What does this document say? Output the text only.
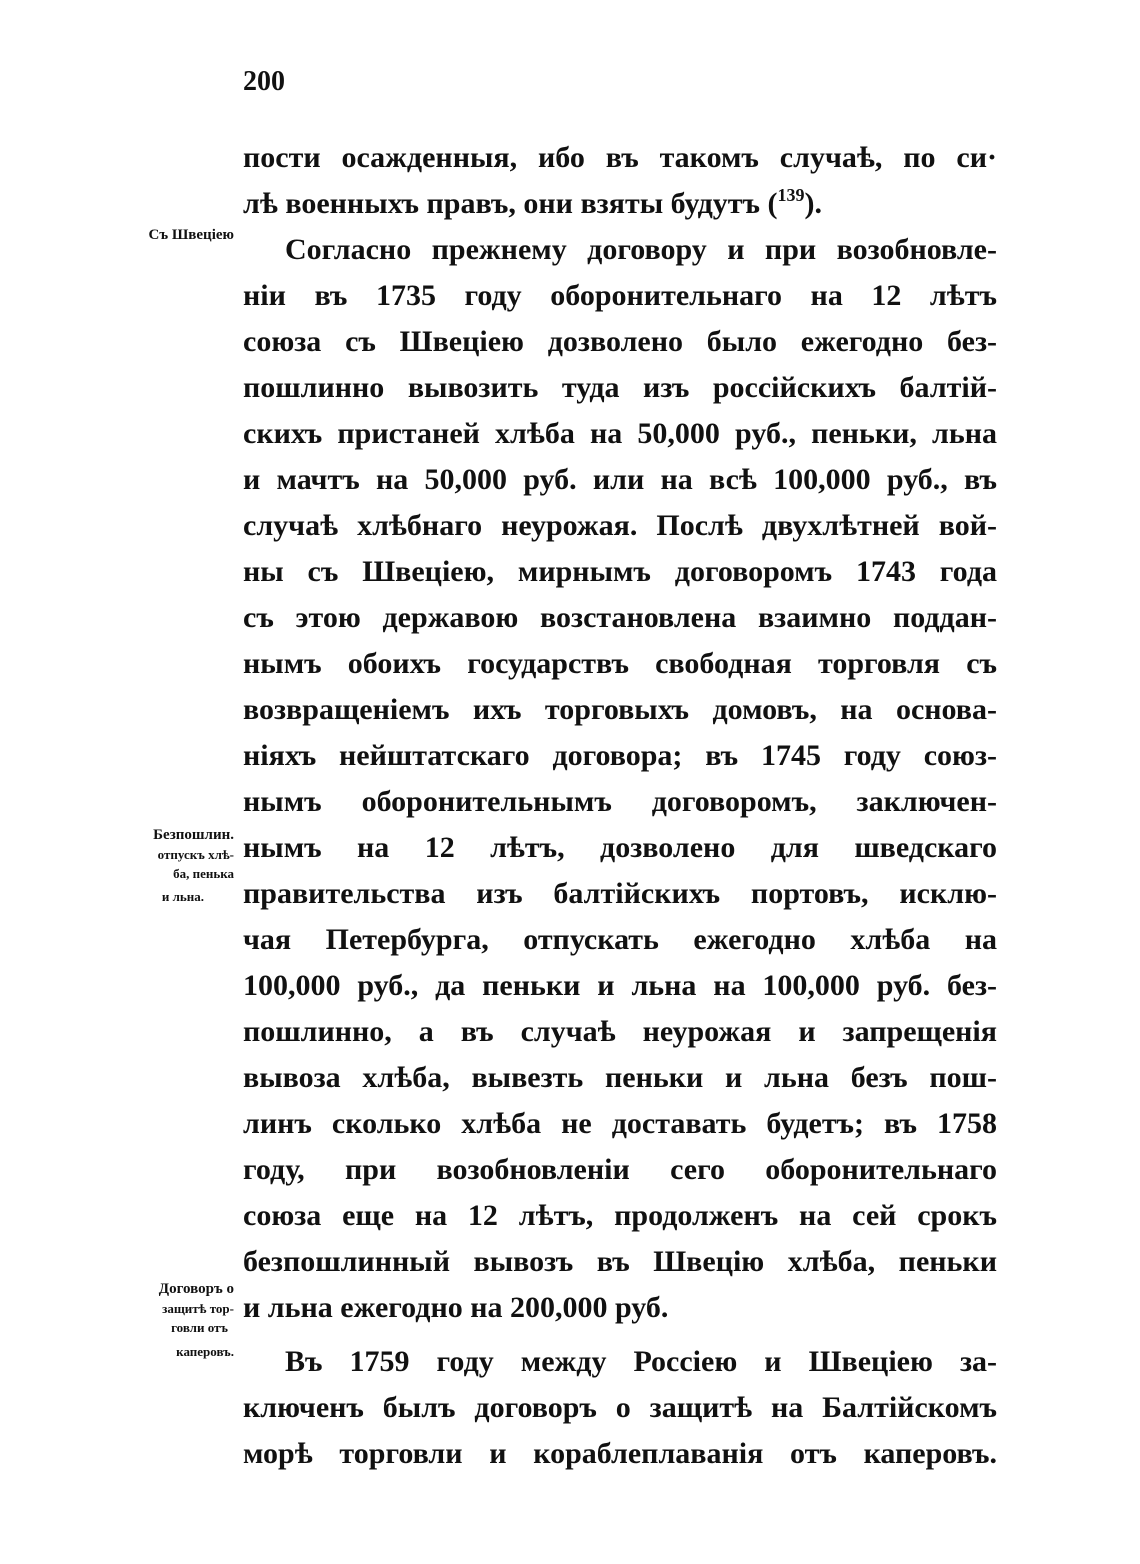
200
Съ Швеціею
Безпошлин.
отпускъ хлѣ-
ба, пенька
и льна.
Договоръ о
защитѣ тор-
говли отъ
каперовъ.
пости осажденныя, ибо въ такомъ случаѣ, по си·
лѣ военныхъ правъ, они взяты будутъ ($^{139}$).
Согласно прежнему договору и при возобновле-
ніи въ 1735 году оборонительнаго на 12 лѣтъ
союза съ Швеціею дозволено было ежегодно без-
пошлинно вывозить туда изъ россійскихъ балтій-
скихъ пристаней хлѣба на 50,000 руб., пеньки, льна
и мачтъ на 50,000 руб. или на всѣ 100,000 руб., въ
случаѣ хлѣбнаго неурожая. Послѣ двухлѣтней вой-
ны съ Швеціею, мирнымъ договоромъ 1743 года
съ этою державою возстановлена взаимно поддан-
нымъ обоихъ государствъ свободная торговля съ
возвращеніемъ ихъ торговыхъ домовъ, на основа-
ніяхъ нейштатскаго договора; въ 1745 году союз-
нымъ оборонительнымъ договоромъ, заключен-
нымъ на 12 лѣтъ, дозволено для шведскаго
правительства изъ балтійскихъ портовъ, исклю-
чая Петербурга, отпускать ежегодно хлѣба на
100,000 руб., да пеньки и льна на 100,000 руб. без-
пошлинно, а въ случаѣ неурожая и запрещенія
вывоза хлѣба, вывезть пеньки и льна безъ пош-
линъ сколько хлѣба не доставать будетъ; въ 1758
году, при возобновленіи сего оборонительнаго
союза еще на 12 лѣтъ, продолженъ на сей срокъ
безпошлинный вывозъ въ Швецію хлѣба, пеньки
и льна ежегодно на 200,000 руб.
Въ 1759 году между Россіею и Швеціею за-
ключенъ былъ договоръ о защитѣ на Балтійскомъ
морѣ торговли и кораблеплаванія отъ каперовъ.
